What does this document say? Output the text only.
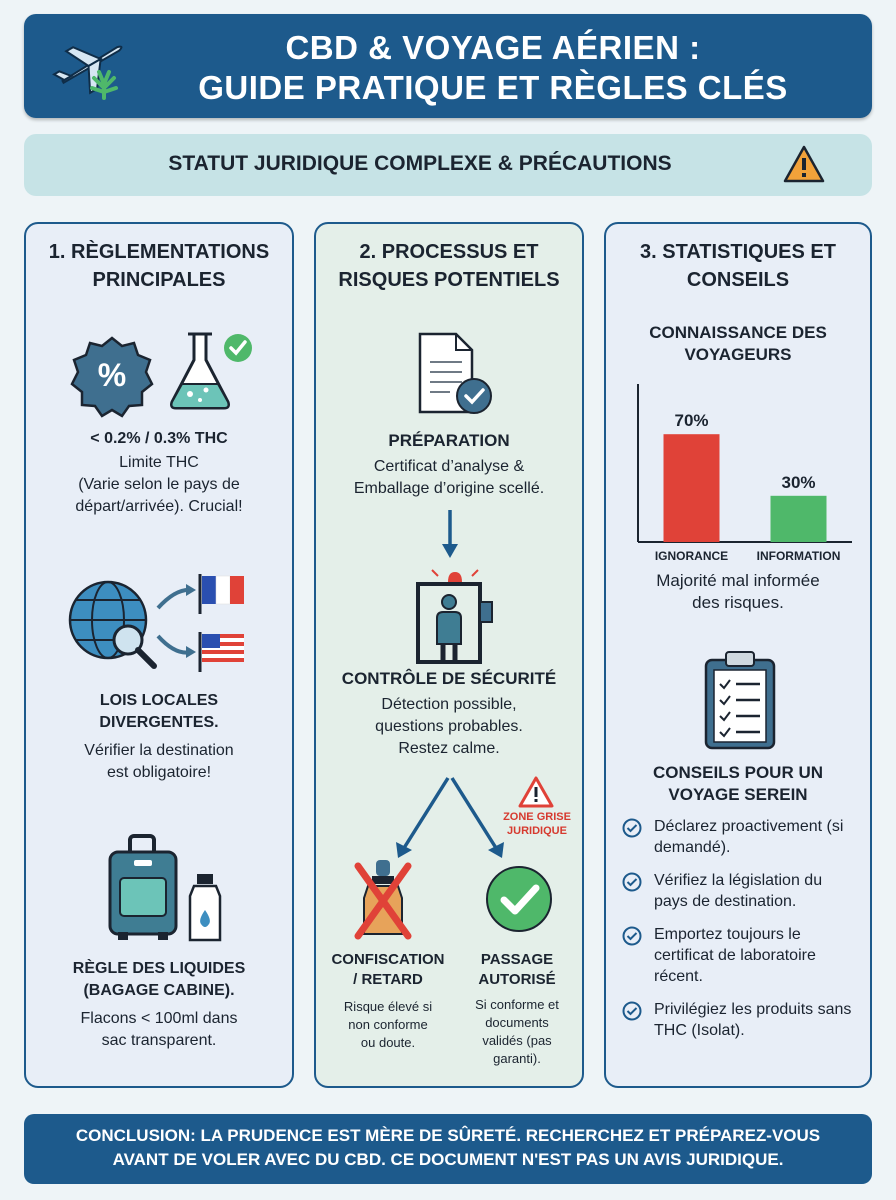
CBD & VOYAGE AÉRIEN :
GUIDE PRATIQUE ET RÈGLES CLÉS
STATUT JURIDIQUE COMPLEXE & PRÉCAUTIONS
1. RÈGLEMENTATIONS
PRINCIPALES
%
< 0.2% / 0.3% THC
Limite THC
(Varie selon le pays de
départ/arrivée). Crucial!
LOIS LOCALES
DIVERGENTES.
Vérifier la destination
est obligatoire!
RÈGLE DES LIQUIDES
(BAGAGE CABINE).
Flacons < 100ml dans
sac transparent.
2. PROCESSUS ET
RISQUES POTENTIELS
PRÉPARATION
Certificat d’analyse &
Emballage d’origine scellé.
CONTRÔLE DE SÉCURITÉ
Détection possible,
questions probables.
Restez calme.
ZONE GRISE
JURIDIQUE
CONFISCATION
/ RETARD
Risque élevé si
non conforme
ou doute.
PASSAGE
AUTORISÉ
Si conforme et
documents
validés (pas
garanti).
3. STATISTIQUES ET
CONSEILS
CONNAISSANCE DES
VOYAGEURS
70%
IGNORANCE
30%
INFORMATION
Majorité mal informée
des risques.
CONSEILS POUR UN
VOYAGE SEREIN
Déclarez proactivement (si demandé).
Vérifiez la législation du pays de destination.
Emportez toujours le certificat de laboratoire récent.
Privilégiez les produits sans THC (Isolat).
CONCLUSION: LA PRUDENCE EST MÈRE DE SÛRETÉ. RECHERCHEZ ET PRÉPAREZ-VOUS
AVANT DE VOLER AVEC DU CBD. CE DOCUMENT N'EST PAS UN AVIS JURIDIQUE.
